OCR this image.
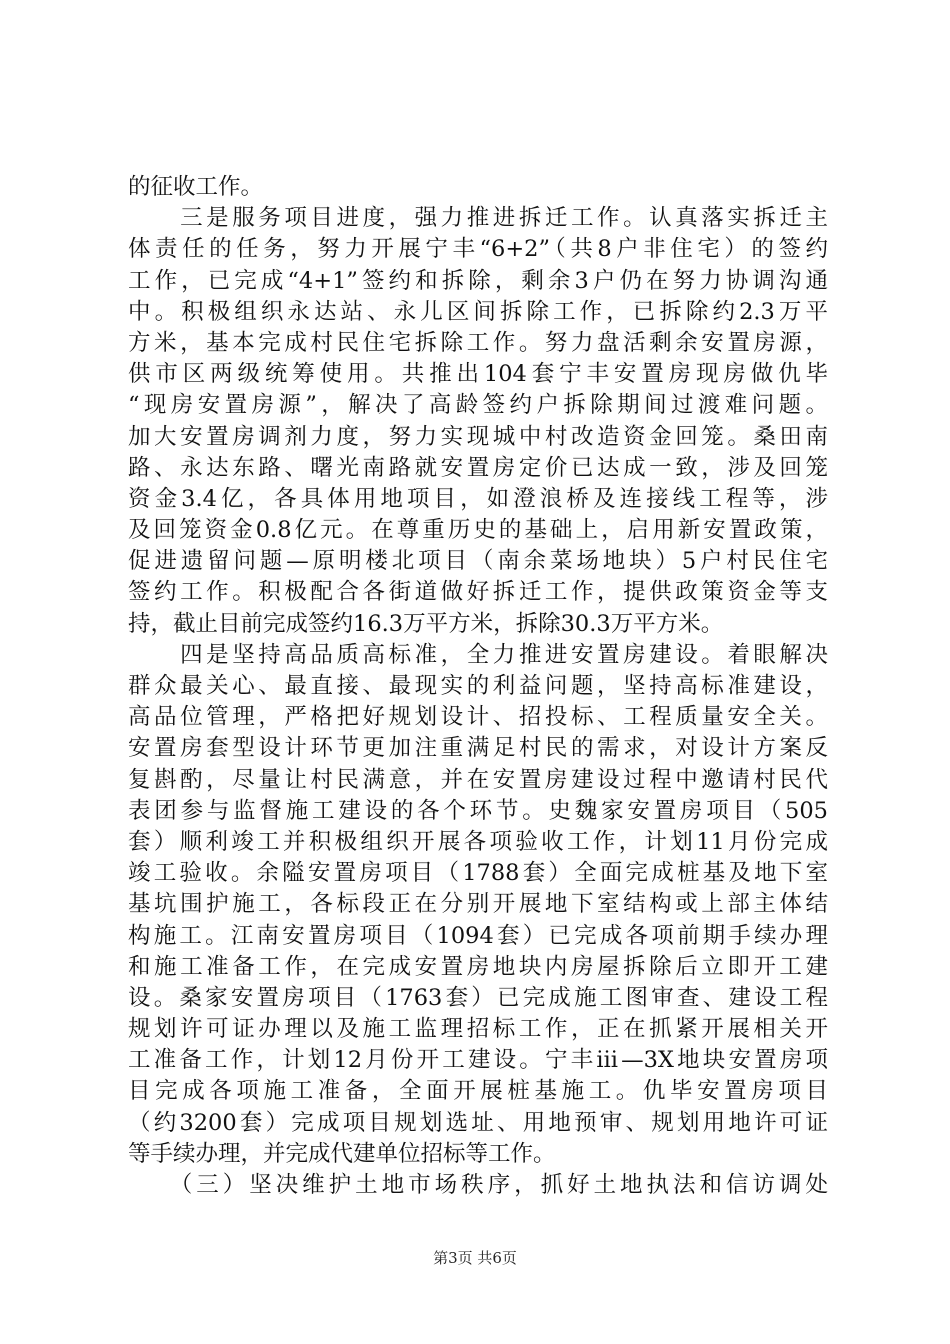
的征收工作。
　　三是服务项目进度，强力推进拆迁工作。认真落实拆迁主
体责任的任务，努力开展宁丰“6+2”（共8户非住宅）的签约
工作，已完成“4+1”签约和拆除，剩余3户仍在努力协调沟通
中。积极组织永达站、永儿区间拆除工作，已拆除约2.3万平
方米，基本完成村民住宅拆除工作。努力盘活剩余安置房源，
供市区两级统筹使用。共推出104套宁丰安置房现房做仇毕
“现房安置房源”，解决了高龄签约户拆除期间过渡难问题。
加大安置房调剂力度，努力实现城中村改造资金回笼。桑田南
路、永达东路、曙光南路就安置房定价已达成一致，涉及回笼
资金3.4亿，各具体用地项目，如澄浪桥及连接线工程等，涉
及回笼资金0.8亿元。在尊重历史的基础上，启用新安置政策，
促进遗留问题—原明楼北项目（南余菜场地块）5户村民住宅
签约工作。积极配合各街道做好拆迁工作，提供政策资金等支
持，截止目前完成签约16.3万平方米，拆除30.3万平方米。
　　四是坚持高品质高标准，全力推进安置房建设。着眼解决
群众最关心、最直接、最现实的利益问题，坚持高标准建设，
高品位管理，严格把好规划设计、招投标、工程质量安全关。
安置房套型设计环节更加注重满足村民的需求，对设计方案反
复斟酌，尽量让村民满意，并在安置房建设过程中邀请村民代
表团参与监督施工建设的各个环节。史魏家安置房项目（505
套）顺利竣工并积极组织开展各项验收工作，计划11月份完成
竣工验收。余隘安置房项目（1788套）全面完成桩基及地下室
基坑围护施工，各标段正在分别开展地下室结构或上部主体结
构施工。江南安置房项目（1094套）已完成各项前期手续办理
和施工准备工作，在完成安置房地块内房屋拆除后立即开工建
设。桑家安置房项目（1763套）已完成施工图审查、建设工程
规划许可证办理以及施工监理招标工作，正在抓紧开展相关开
工准备工作，计划12月份开工建设。宁丰ⅲ—3X地块安置房项
目完成各项施工准备，全面开展桩基施工。仇毕安置房项目
（约3200套）完成项目规划选址、用地预审、规划用地许可证
等手续办理，并完成代建单位招标等工作。
　　（三）坚决维护土地市场秩序，抓好土地执法和信访调处
第3页 共6页
